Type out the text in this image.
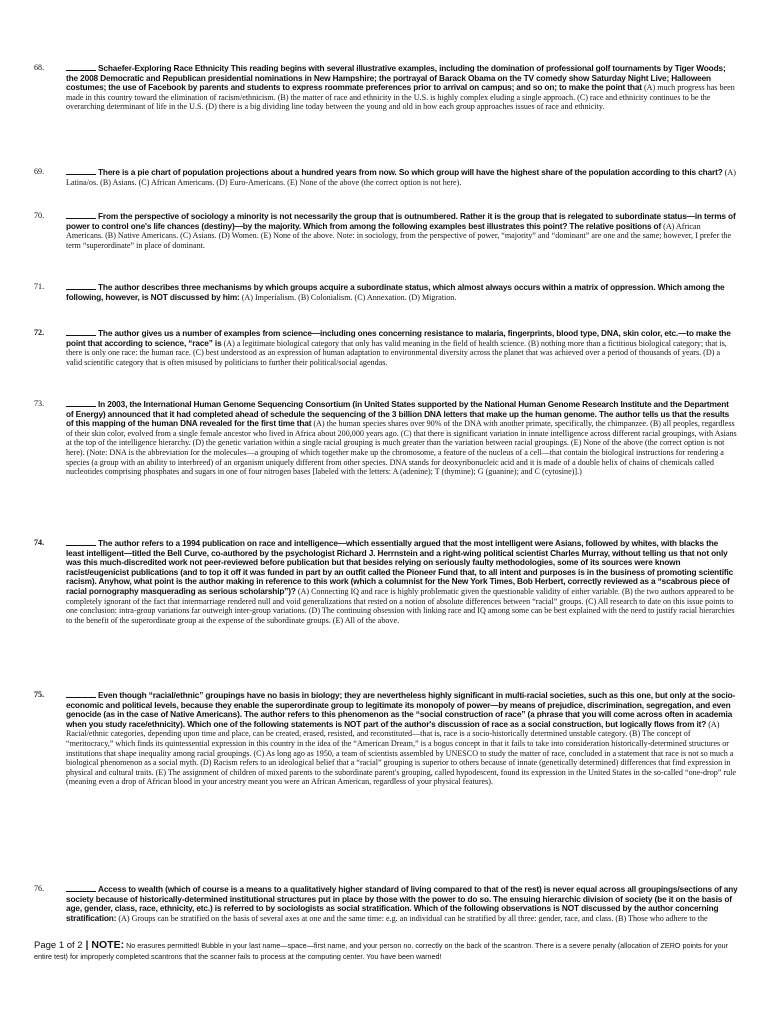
68.	Schaefer-Exploring Race Ethnicity This reading begins with several illustrative examples, including the domination of professional golf tournaments by Tiger Woods; the 2008 Democratic and Republican presidential nominations in New Hampshire; the portrayal of Barack Obama on the TV comedy show Saturday Night Live; Halloween costumes; the use of Facebook by parents and students to express roommate preferences prior to arrival on campus; and so on; to make the point that (A) much progress has been made in this country toward the elimination of racism/ethnicism. (B) the matter of race and ethnicity in the U.S. is highly complex eluding a single approach. (C) race and ethnicity continues to be the overarching determinant of life in the U.S. (D) there is a big dividing line today between the young and old in how each group approaches issues of race and ethnicity.
69.	There is a pie chart of population projections about a hundred years from now. So which group will have the highest share of the population according to this chart? (A) Latina/os. (B) Asians. (C) African Americans. (D) Euro-Americans. (E) None of the above (the correct option is not here).
70.	From the perspective of sociology a minority is not necessarily the group that is outnumbered. Rather it is the group that is relegated to subordinate status—in terms of power to control one's life chances (destiny)—by the majority. Which from among the following examples best illustrates this point? The relative positions of (A) African Americans. (B) Native Americans. (C) Asians. (D) Women. (E) None of the above. Note: in sociology, from the perspective of power, “majority” and “dominant” are one and the same; however, I prefer the term “superordinate” in place of dominant.
71.	The author describes three mechanisms by which groups acquire a subordinate status, which almost always occurs within a matrix of oppression. Which among the following, however, is NOT discussed by him: (A) Imperialism. (B) Colonialism. (C) Annexation. (D) Migration.
72.	The author gives us a number of examples from science—including ones concerning resistance to malaria, fingerprints, blood type, DNA, skin color, etc.—to make the point that according to science, “race” is (A) a legitimate biological category that only has valid meaning in the field of health science. (B) nothing more than a fictitious biological category; that is, there is only one race: the human race. (C) best understood as an expression of human adaptation to environmental diversity across the planet that was achieved over a period of thousands of years. (D) a valid scientific category that is often misused by politicians to further their political/social agendas.
73.	In 2003, the International Human Genome Sequencing Consortium (in United States supported by the National Human Genome Research Institute and the Department of Energy) announced that it had completed ahead of schedule the sequencing of the 3 billion DNA letters that make up the human genome. The author tells us that the results of this mapping of the human DNA revealed for the first time that (A) the human species shares over 90% of the DNA with another primate, specifically, the chimpanzee. (B) all peoples, regardless of their skin color, evolved from a single female ancestor who lived in Africa about 200,000 years ago. (C) that there is significant variation in innate intelligence across different racial groupings, with Asians at the top of the intelligence hierarchy. (D) the genetic variation within a single racial grouping is much greater than the variation between racial groupings. (E) None of the above (the correct option is not here). (Note: DNA is the abbreviation for the molecules—a grouping of which together make up the chromosome, a feature of the nucleus of a cell—that contain the biological instructions for rendering a species (a group with an ability to interbreed) of an organism uniquely different from other species. DNA stands for deoxyribonucleic acid and it is made of a double helix of chains of chemicals called nucleotides comprising phosphates and sugars in one of four nitrogen bases [labeled with the letters: A (adenine); T (thymine); G (guanine); and C (cytosine)].)
74.	The author refers to a 1994 publication on race and intelligence—which essentially argued that the most intelligent were Asians, followed by whites, with blacks the least intelligent—titled the Bell Curve, co-authored by the psychologist Richard J. Herrnstein and a right-wing political scientist Charles Murray, without telling us that not only was this much-discredited work not peer-reviewed before publication but that besides relying on seriously faulty methodologies, some of its sources were known racist/eugenicist publications (and to top it off it was funded in part by an outfit called the Pioneer Fund that, to all intent and purposes is in the business of promoting scientific racism). Anyhow, what point is the author making in reference to this work (which a columnist for the New York Times, Bob Herbert, correctly reviewed as a “scabrous piece of racial pornography masquerading as serious scholarship”)? (A) Connecting IQ and race is highly problematic given the questionable validity of either variable. (B) the two authors appeared to be completely ignorant of the fact that intermarriage rendered null and void generalizations that rested on a notion of absolute differences between “racial” groups. (C) All research to date on this issue points to one conclusion: intra-group variations far outweigh inter-group variations. (D) The continuing obsession with linking race and IQ among some can be best explained with the need to justify racial hierarchies to the benefit of the superordinate group at the expense of the subordinate groups. (E) All of the above.
75.	Even though “racial/ethnic” groupings have no basis in biology; they are nevertheless highly significant in multi-racial societies, such as this one, but only at the socio-economic and political levels, because they enable the superordinate group to legitimate its monopoly of power—by means of prejudice, discrimination, segregation, and even genocide (as in the case of Native Americans). The author refers to this phenomenon as the “social construction of race” (a phrase that you will come across often in academia when you study race/ethnicity). Which one of the following statements is NOT part of the author's discussion of race as a social construction, but logically flows from it? (A) Racial/ethnic categories, depending upon time and place, can be created, erased, resisted, and reconstituted—that is, race is a socio-historically determined unstable category. (B) The concept of “meritocracy,” which finds its quintessential expression in this country in the idea of the “American Dream,” is a bogus concept in that it fails to take into consideration historically-determined structures or institutions that shape inequality among racial groupings. (C) As long ago as 1950, a team of scientists assembled by UNESCO to study the matter of race, concluded in a statement that race is not so much a biological phenomenon as a social myth. (D) Racism refers to an ideological belief that a “racial” grouping is superior to others because of innate (genetically determined) differences that find expression in physical and cultural traits. (E) The assignment of children of mixed parents to the subordinate parent's grouping, called hypodescent, found its expression in the United States in the so-called “one-drop” rule (meaning even a drop of African blood in your ancestry meant you were an African American, regardless of your physical features).
76.	Access to wealth (which of course is a means to a qualitatively higher standard of living compared to that of the rest) is never equal across all groupings/sections of any society because of historically-determined institutional structures put in place by those with the power to do so. The ensuing hierarchic division of society (be it on the basis of age, gender, class, race, ethnicity, etc.) is referred to by sociologists as social stratification. Which of the following observations is NOT discussed by the author concerning stratification: (A) Groups can be stratified on the basis of several axes at one and the same time: e.g. an individual can be stratified by all three: gender, race, and class. (B) Those who adhere to the
Page 1 of 2 | NOTE: No erasures permitted! Bubble in your last name—space—first name, and your person no. correctly on the back of the scantron. There is a severe penalty (allocation of ZERO points for your entire test) for improperly completed scantrons that the scanner fails to process at the computing center. You have been warned!
